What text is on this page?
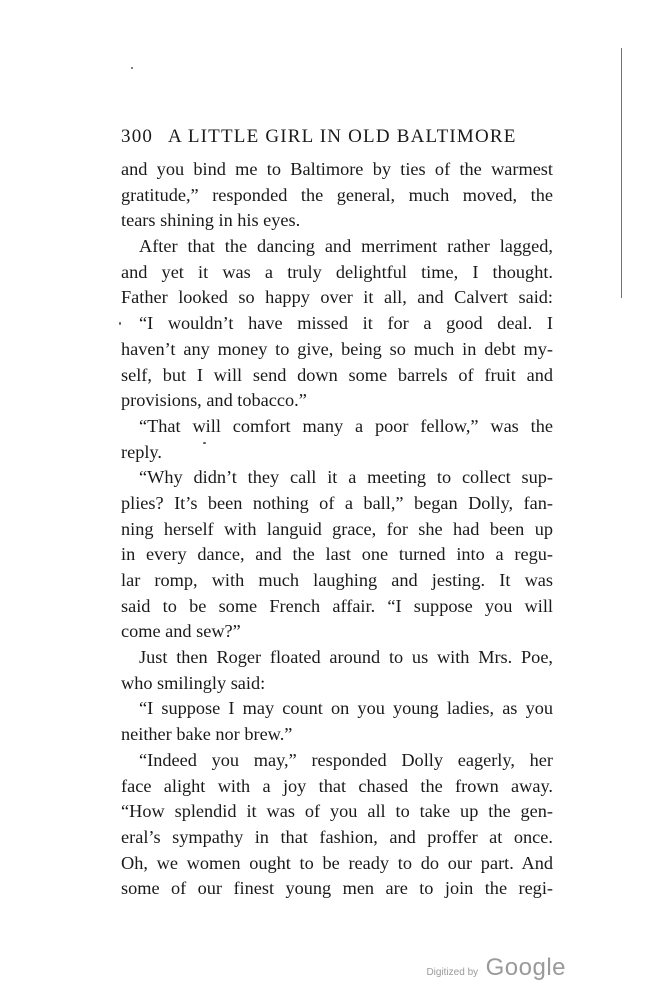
300 A LITTLE GIRL IN OLD BALTIMORE
and you bind me to Baltimore by ties of the warmest
gratitude,” responded the general, much moved, the
tears shining in his eyes.
After that the dancing and merriment rather lagged,
and yet it was a truly delightful time, I thought.
Father looked so happy over it all, and Calvert said:
“I wouldn’t have missed it for a good deal. I
haven’t any money to give, being so much in debt my-
self, but I will send down some barrels of fruit and
provisions, and tobacco.”
“That will comfort many a poor fellow,” was the
reply.
“Why didn’t they call it a meeting to collect sup-
plies? It’s been nothing of a ball,” began Dolly, fan-
ning herself with languid grace, for she had been up
in every dance, and the last one turned into a regu-
lar romp, with much laughing and jesting. It was
said to be some French affair. “I suppose you will
come and sew?”
Just then Roger floated around to us with Mrs. Poe,
who smilingly said:
“I suppose I may count on you young ladies, as you
neither bake nor brew.”
“Indeed you may,” responded Dolly eagerly, her
face alight with a joy that chased the frown away.
“How splendid it was of you all to take up the gen-
eral’s sympathy in that fashion, and proffer at once.
Oh, we women ought to be ready to do our part. And
some of our finest young men are to join the regi-
Digitized by Google
